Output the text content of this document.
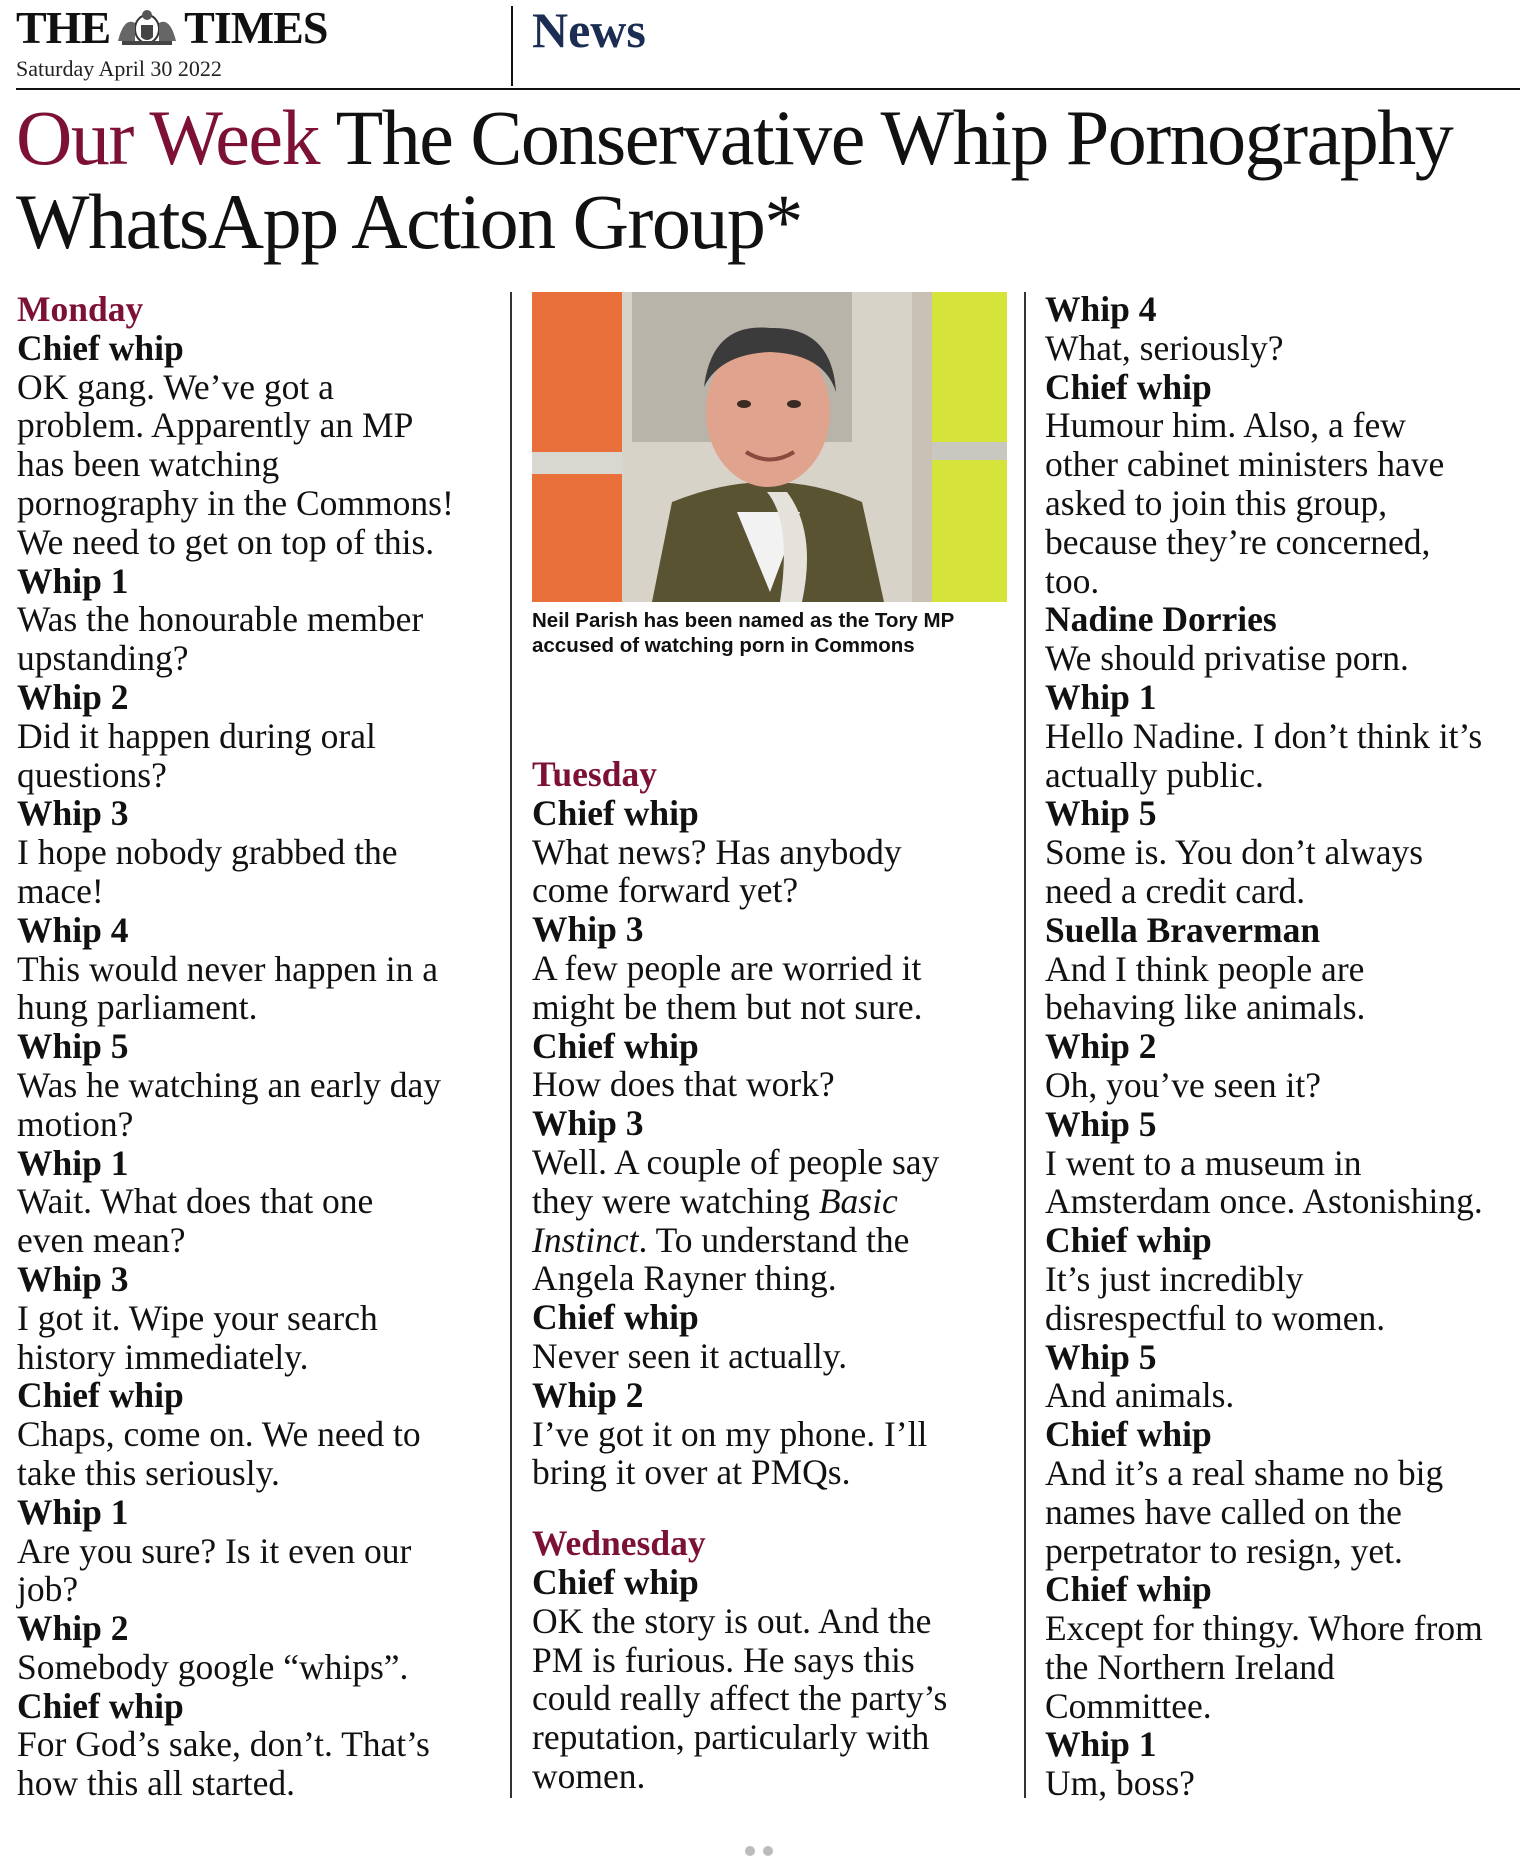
THE TIMES
Saturday April 30 2022
News
Our Week The Conservative Whip Pornography
WhatsApp Action Group*
Monday
Chief whip
OK gang. We’ve got a
problem. Apparently an MP
has been watching
pornography in the Commons!
We need to get on top of this.
Whip 1
Was the honourable member
upstanding?
Whip 2
Did it happen during oral
questions?
Whip 3
I hope nobody grabbed the
mace!
Whip 4
This would never happen in a
hung parliament.
Whip 5
Was he watching an early day
motion?
Whip 1
Wait. What does that one
even mean?
Whip 3
I got it. Wipe your search
history immediately.
Chief whip
Chaps, come on. We need to
take this seriously.
Whip 1
Are you sure? Is it even our
job?
Whip 2
Somebody google “whips”.
Chief whip
For God’s sake, don’t. That’s
how this all started.
Neil Parish has been named as the Tory MP
accused of watching porn in Commons
Tuesday
Chief whip
What news? Has anybody
come forward yet?
Whip 3
A few people are worried it
might be them but not sure.
Chief whip
How does that work?
Whip 3
Well. A couple of people say
they were watching Basic
Instinct. To understand the
Angela Rayner thing.
Chief whip
Never seen it actually.
Whip 2
I’ve got it on my phone. I’ll
bring it over at PMQs.
Wednesday
Chief whip
OK the story is out. And the
PM is furious. He says this
could really affect the party’s
reputation, particularly with
women.
Whip 4
What, seriously?
Chief whip
Humour him. Also, a few
other cabinet ministers have
asked to join this group,
because they’re concerned,
too.
Nadine Dorries
We should privatise porn.
Whip 1
Hello Nadine. I don’t think it’s
actually public.
Whip 5
Some is. You don’t always
need a credit card.
Suella Braverman
And I think people are
behaving like animals.
Whip 2
Oh, you’ve seen it?
Whip 5
I went to a museum in
Amsterdam once. Astonishing.
Chief whip
It’s just incredibly
disrespectful to women.
Whip 5
And animals.
Chief whip
And it’s a real shame no big
names have called on the
perpetrator to resign, yet.
Chief whip
Except for thingy. Whore from
the Northern Ireland
Committee.
Whip 1
Um, boss?
